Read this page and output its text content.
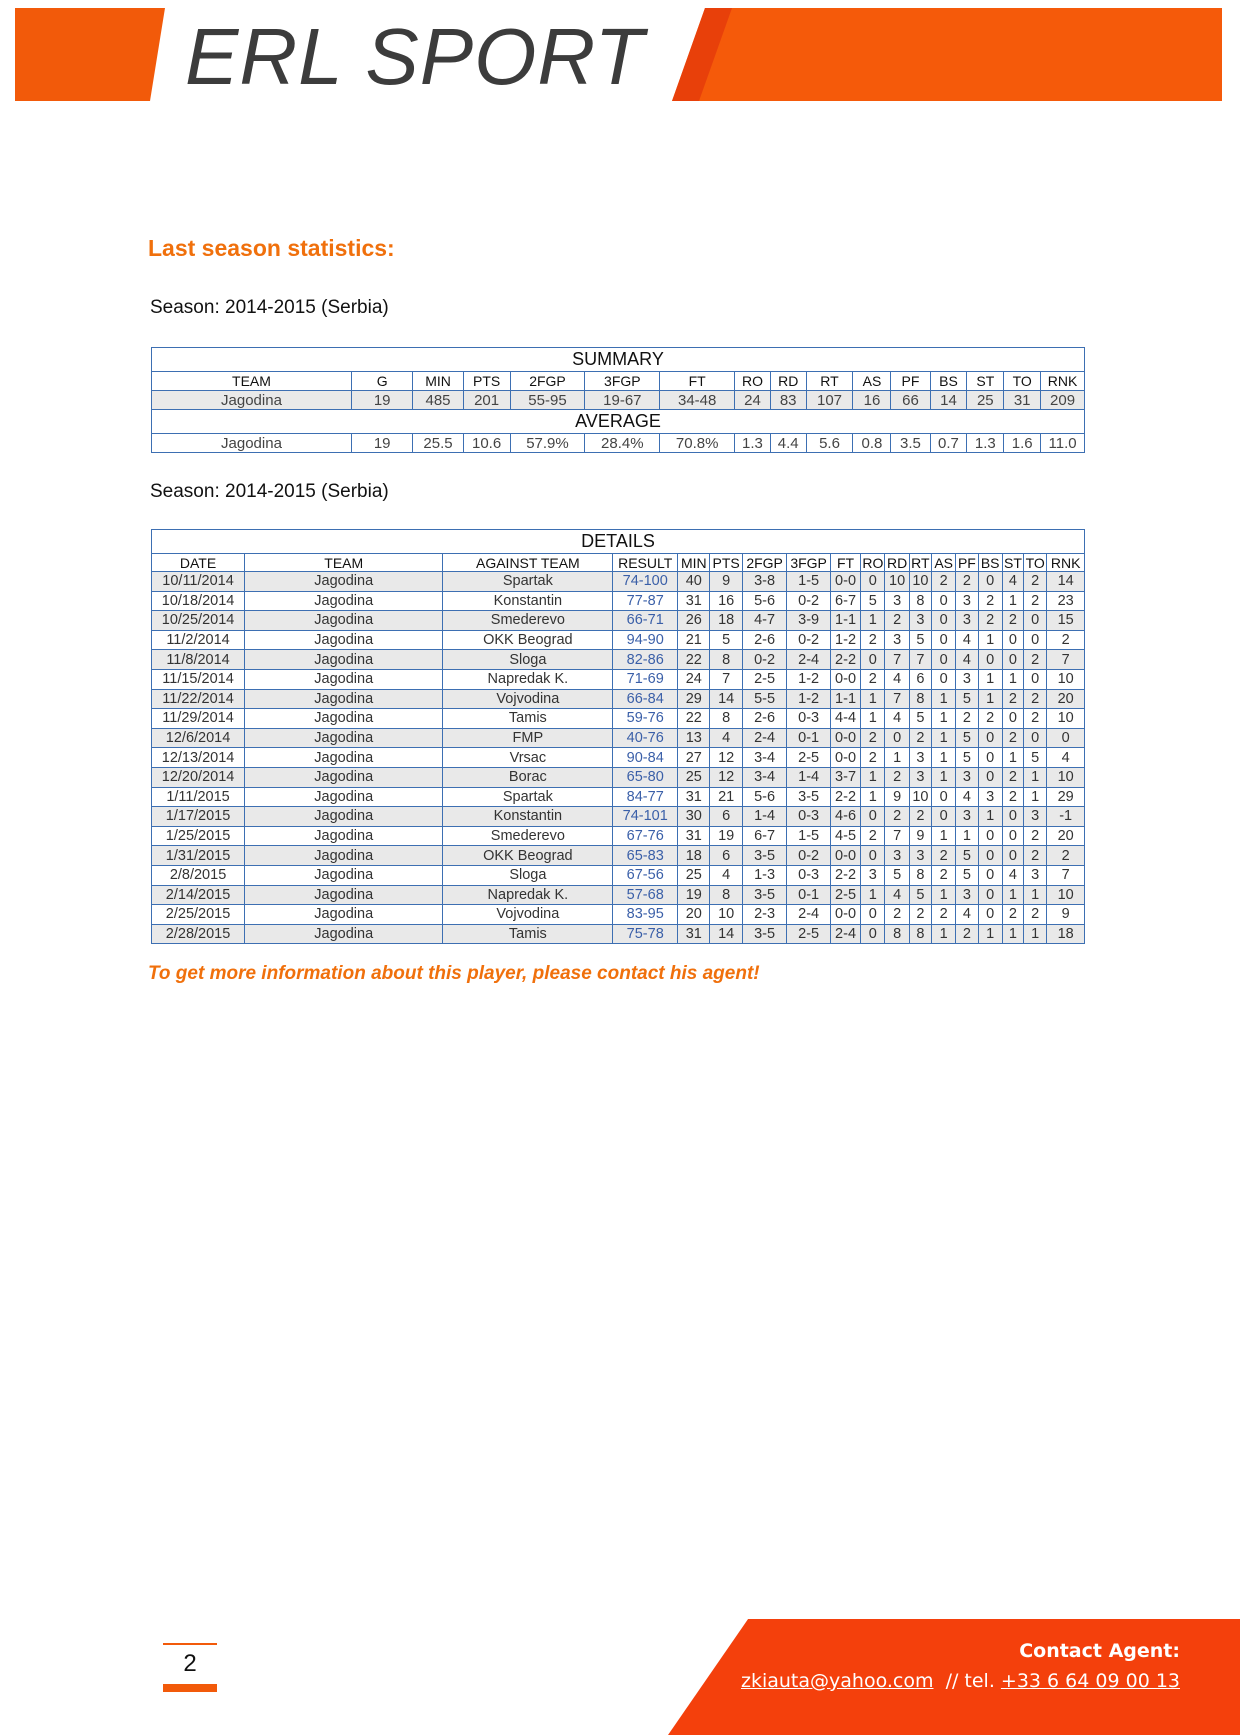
ERL SPORT
Last season statistics:
Season: 2014-2015 (Serbia)
SUMMARY															
TEAM	G	MIN	PTS	2FGP	3FGP	FT	RO	RD	RT	AS	PF	BS	ST	TO	RNK
Jagodina	19	485	201	55-95	19-67	34-48	24	83	107	16	66	14	25	31	209
AVERAGE															
Jagodina	19	25.5	10.6	57.9%	28.4%	70.8%	1.3	4.4	5.6	0.8	3.5	0.7	1.3	1.6	11.0
Season: 2014-2015 (Serbia)
DETAILS																	
DATE	TEAM	AGAINST TEAM	RESULT	MIN	PTS	2FGP	3FGP	FT	RO	RD	RT	AS	PF	BS	ST	TO	RNK
10/11/2014	Jagodina	Spartak	74-100	40	9	3-8	1-5	0-0	0	10	10	2	2	0	4	2	14
10/18/2014	Jagodina	Konstantin	77-87	31	16	5-6	0-2	6-7	5	3	8	0	3	2	1	2	23
10/25/2014	Jagodina	Smederevo	66-71	26	18	4-7	3-9	1-1	1	2	3	0	3	2	2	0	15
11/2/2014	Jagodina	OKK Beograd	94-90	21	5	2-6	0-2	1-2	2	3	5	0	4	1	0	0	2
11/8/2014	Jagodina	Sloga	82-86	22	8	0-2	2-4	2-2	0	7	7	0	4	0	0	2	7
11/15/2014	Jagodina	Napredak K.	71-69	24	7	2-5	1-2	0-0	2	4	6	0	3	1	1	0	10
11/22/2014	Jagodina	Vojvodina	66-84	29	14	5-5	1-2	1-1	1	7	8	1	5	1	2	2	20
11/29/2014	Jagodina	Tamis	59-76	22	8	2-6	0-3	4-4	1	4	5	1	2	2	0	2	10
12/6/2014	Jagodina	FMP	40-76	13	4	2-4	0-1	0-0	2	0	2	1	5	0	2	0	0
12/13/2014	Jagodina	Vrsac	90-84	27	12	3-4	2-5	0-0	2	1	3	1	5	0	1	5	4
12/20/2014	Jagodina	Borac	65-80	25	12	3-4	1-4	3-7	1	2	3	1	3	0	2	1	10
1/11/2015	Jagodina	Spartak	84-77	31	21	5-6	3-5	2-2	1	9	10	0	4	3	2	1	29
1/17/2015	Jagodina	Konstantin	74-101	30	6	1-4	0-3	4-6	0	2	2	0	3	1	0	3	-1
1/25/2015	Jagodina	Smederevo	67-76	31	19	6-7	1-5	4-5	2	7	9	1	1	0	0	2	20
1/31/2015	Jagodina	OKK Beograd	65-83	18	6	3-5	0-2	0-0	0	3	3	2	5	0	0	2	2
2/8/2015	Jagodina	Sloga	67-56	25	4	1-3	0-3	2-2	3	5	8	2	5	0	4	3	7
2/14/2015	Jagodina	Napredak K.	57-68	19	8	3-5	0-1	2-5	1	4	5	1	3	0	1	1	10
2/25/2015	Jagodina	Vojvodina	83-95	20	10	2-3	2-4	0-0	0	2	2	2	4	0	2	2	9
2/28/2015	Jagodina	Tamis	75-78	31	14	3-5	2-5	2-4	0	8	8	1	2	1	1	1	18
To get more information about this player, please contact his agent!
2	Contact Agent:
zkiauta@yahoo.com  // tel. +33 6 64 09 00 13
